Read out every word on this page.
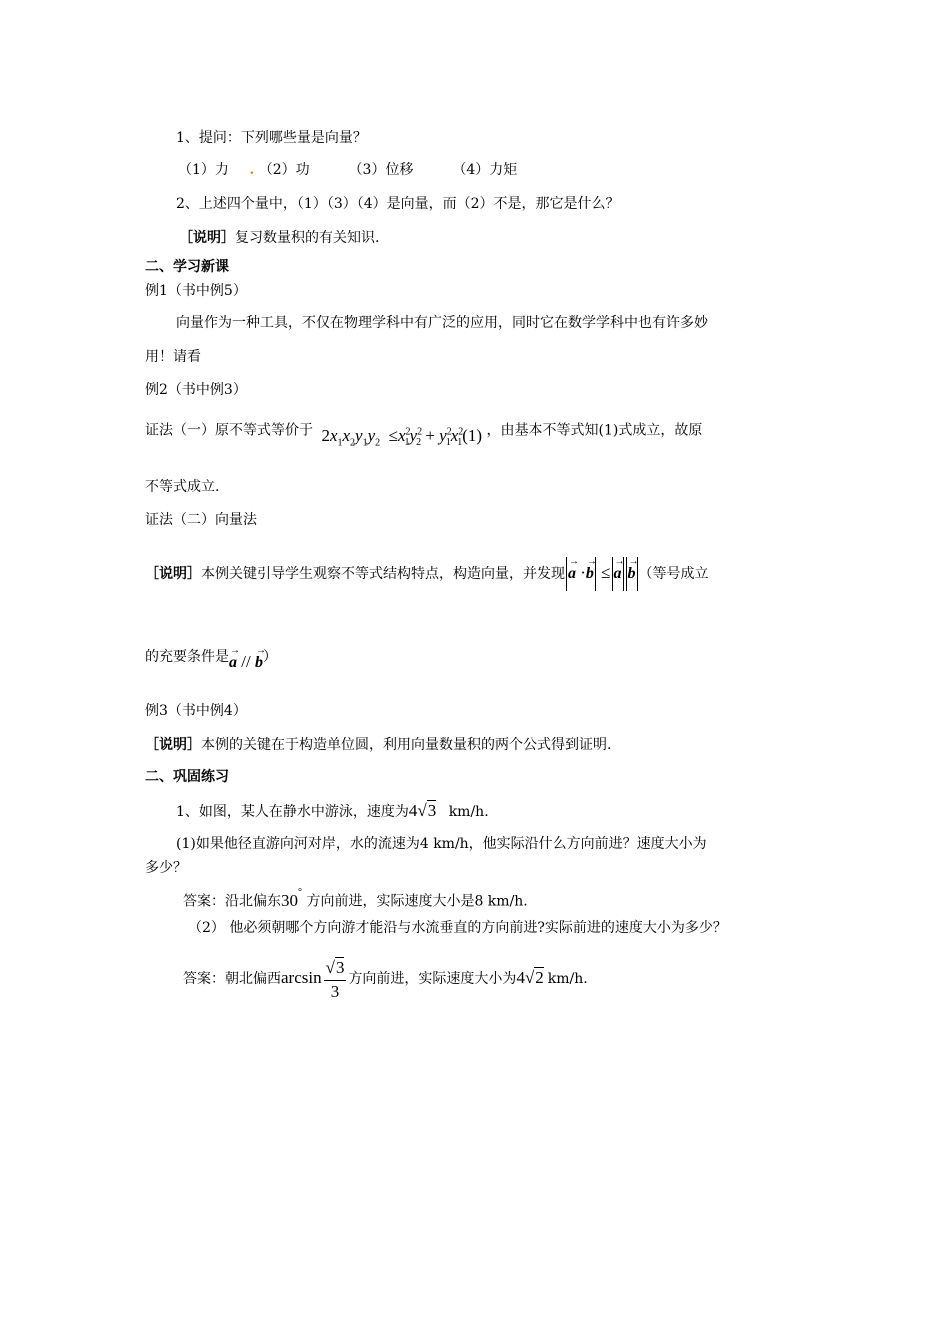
1、提问：下列哪些量是向量？
（1）力 . （2）功	（3）位移	（4）力矩
2、上述四个量中，（1）（3）（4）是向量，而（2）不是，那它是什么？
［说明］复习数量积的有关知识.
二、学习新课
例1（书中例5）
向量作为一种工具，不仅在物理学科中有广泛的应用，同时它在数学学科中也有许多妙
用！请看
例2（书中例3）
证法（一）原不等式等价于 $2x_1x_2y_1y_2 \le x^2_1y^2_2 + y^2_1x^2_1(1)$ ，由基本不等式知(1)式成立，故原
不等式成立.
证法（二）向量法
［说明］本例关键引导学生观察不等式结构特点，构造向量，并发现 → a ·→ b ≤ → a → b （等号成立
的充要条件是→ a // → b）
例3（书中例4）
［说明］本例的关键在于构造单位圆，利用向量数量积的两个公式得到证明.
二、巩固练习
1、如图，某人在静水中游泳，速度为4√3 km/h.
(1)如果他径直游向河对岸，水的流速为4 km/h，他实际沿什么方向前进？速度大小为
多少？
答案：沿北偏东30° 方向前进，实际速度大小是8 km/h.
（2） 他必须朝哪个方向游才能沿与水流垂直的方向前进?实际前进的速度大小为多少？
答案：朝北偏西$\arcsin \frac{√3}{3}$ 方向前进，实际速度大小为4√2 km/h.
